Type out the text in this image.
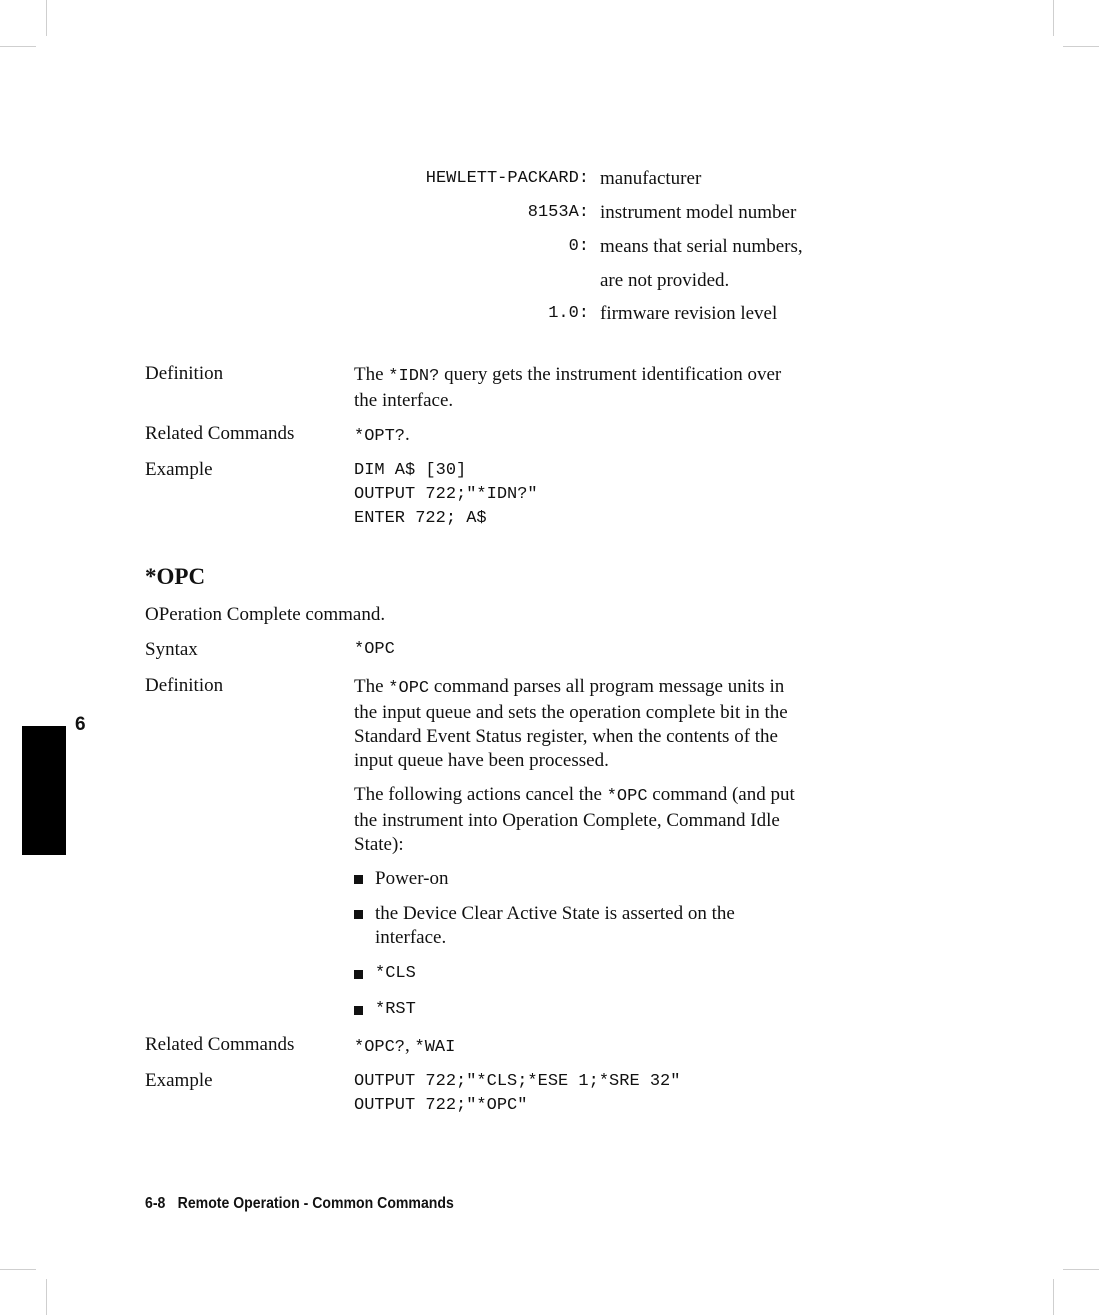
HEWLETT-PACKARD: manufacturer
8153A: instrument model number
0: means that serial numbers,
are not provided.
1.0: firmware revision level
Definition	The *IDN? query gets the instrument identification over
the interface.
Related Commands	*OPT?.
Example	DIM A$ [30]
OUTPUT 722;"*IDN?"
ENTER 722; A$
*OPC
OPeration Complete command.
Syntax	*OPC
Definition	The *OPC command parses all program message units in
the input queue and sets the operation complete bit in the
Standard Event Status register, when the contents of the
input queue have been processed.
The following actions cancel the *OPC command (and put
the instrument into Operation Complete, Command Idle
State):
Power-on
the Device Clear Active State is asserted on the
interface.
*CLS
*RST
Related Commands	*OPC?, *WAI
Example	OUTPUT 722;"*CLS;*ESE 1;*SRE 32"
OUTPUT 722;"*OPC"
6
6-8 Remote Operation - Common Commands
